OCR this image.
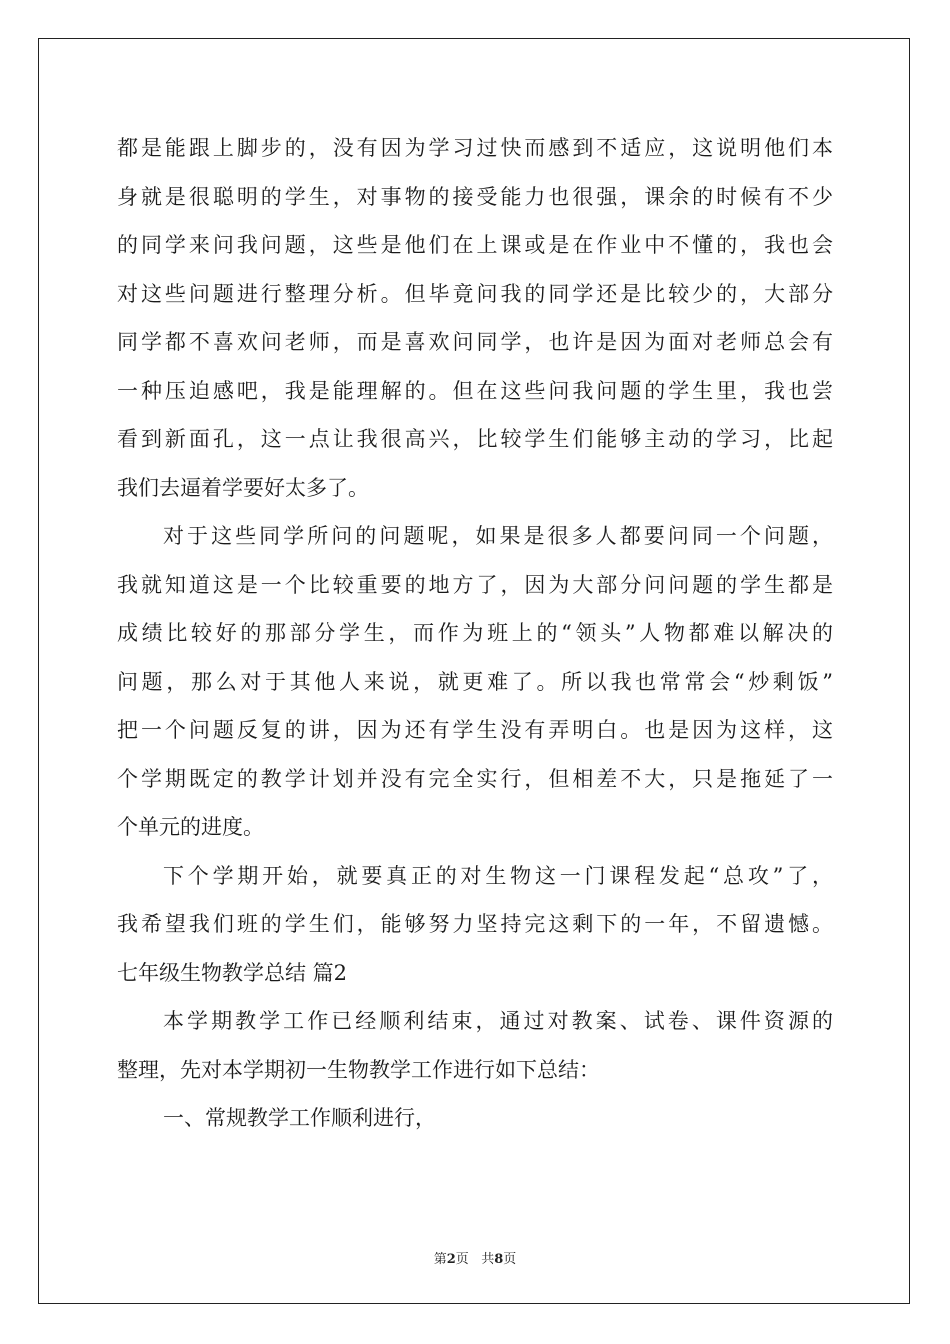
都是能跟上脚步的，没有因为学习过快而感到不适应，这说明他们本
身就是很聪明的学生，对事物的接受能力也很强，课余的时候有不少
的同学来问我问题，这些是他们在上课或是在作业中不懂的，我也会
对这些问题进行整理分析。但毕竟问我的同学还是比较少的，大部分
同学都不喜欢问老师，而是喜欢问同学，也许是因为面对老师总会有
一种压迫感吧，我是能理解的。但在这些问我问题的学生里，我也尝
看到新面孔，这一点让我很高兴，比较学生们能够主动的学习，比起
我们去逼着学要好太多了。
对于这些同学所问的问题呢，如果是很多人都要问同一个问题，
我就知道这是一个比较重要的地方了，因为大部分问问题的学生都是
成绩比较好的那部分学生，而作为班上的“领头”人物都难以解决的
问题，那么对于其他人来说，就更难了。所以我也常常会“炒剩饭”
把一个问题反复的讲，因为还有学生没有弄明白。也是因为这样，这
个学期既定的教学计划并没有完全实行，但相差不大，只是拖延了一
个单元的进度。
下个学期开始，就要真正的对生物这一门课程发起“总攻”了，
我希望我们班的学生们，能够努力坚持完这剩下的一年，不留遗憾。
七年级生物教学总结 篇2
本学期教学工作已经顺利结束，通过对教案、试卷、课件资源的
整理，先对本学期初一生物教学工作进行如下总结：
一、常规教学工作顺利进行，
第2页 共8页
